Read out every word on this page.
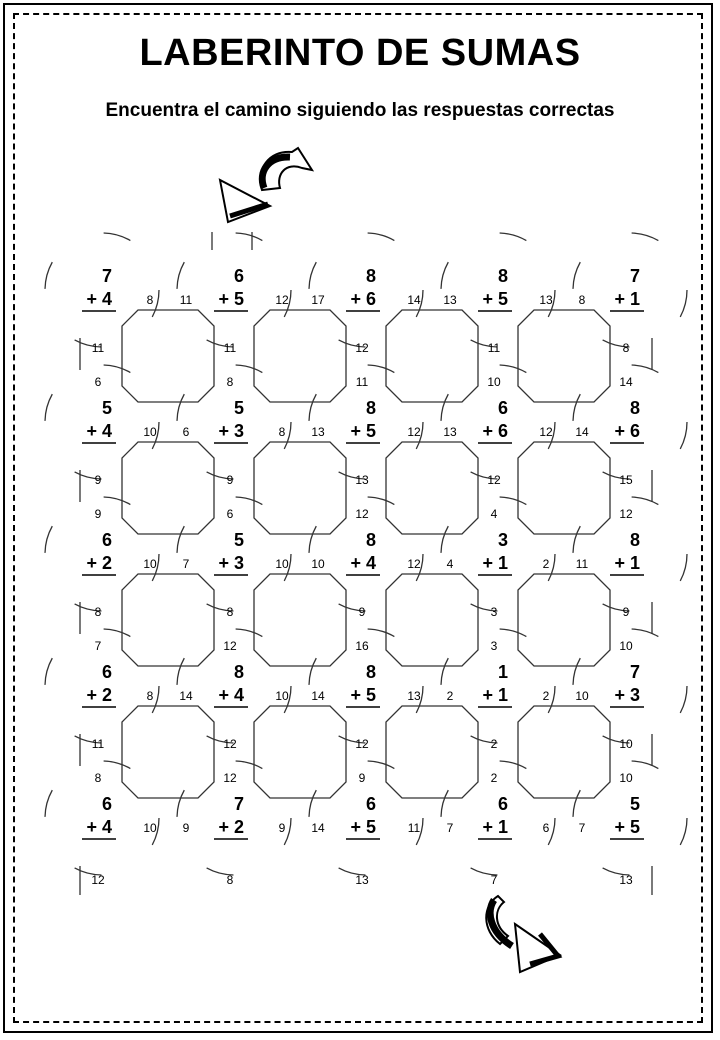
LABERINTO DE SUMAS
Encuentra el camino siguiendo las respuestas correctas
7
+ 4
6
+ 5
8
+ 6
8
+ 5
7
+ 1
5
+ 4
5
+ 3
8
+ 5
6
+ 6
8
+ 6
6
+ 2
5
+ 3
8
+ 4
3
+ 1
8
+ 1
6
+ 2
8
+ 4
8
+ 5
1
+ 1
7
+ 3
6
+ 4
7
+ 2
6
+ 5
6
+ 1
5
+ 5
8 11	12 17	14 13	13 8
10 6	8 13	12 13	12 14
10 7	10 10	12 4	2 11
8 14	10 14	13 2	2 10
10 9	9 14	11 7	6 7
11
6
11
8
12
11
11
10
8
14
9
9
9
6
13
12
12
4
15
12
8
7
8
12
9
16
3
3
9
10
11
8
12
12
12
9
2
2
10
10
12	8	13	7	13
